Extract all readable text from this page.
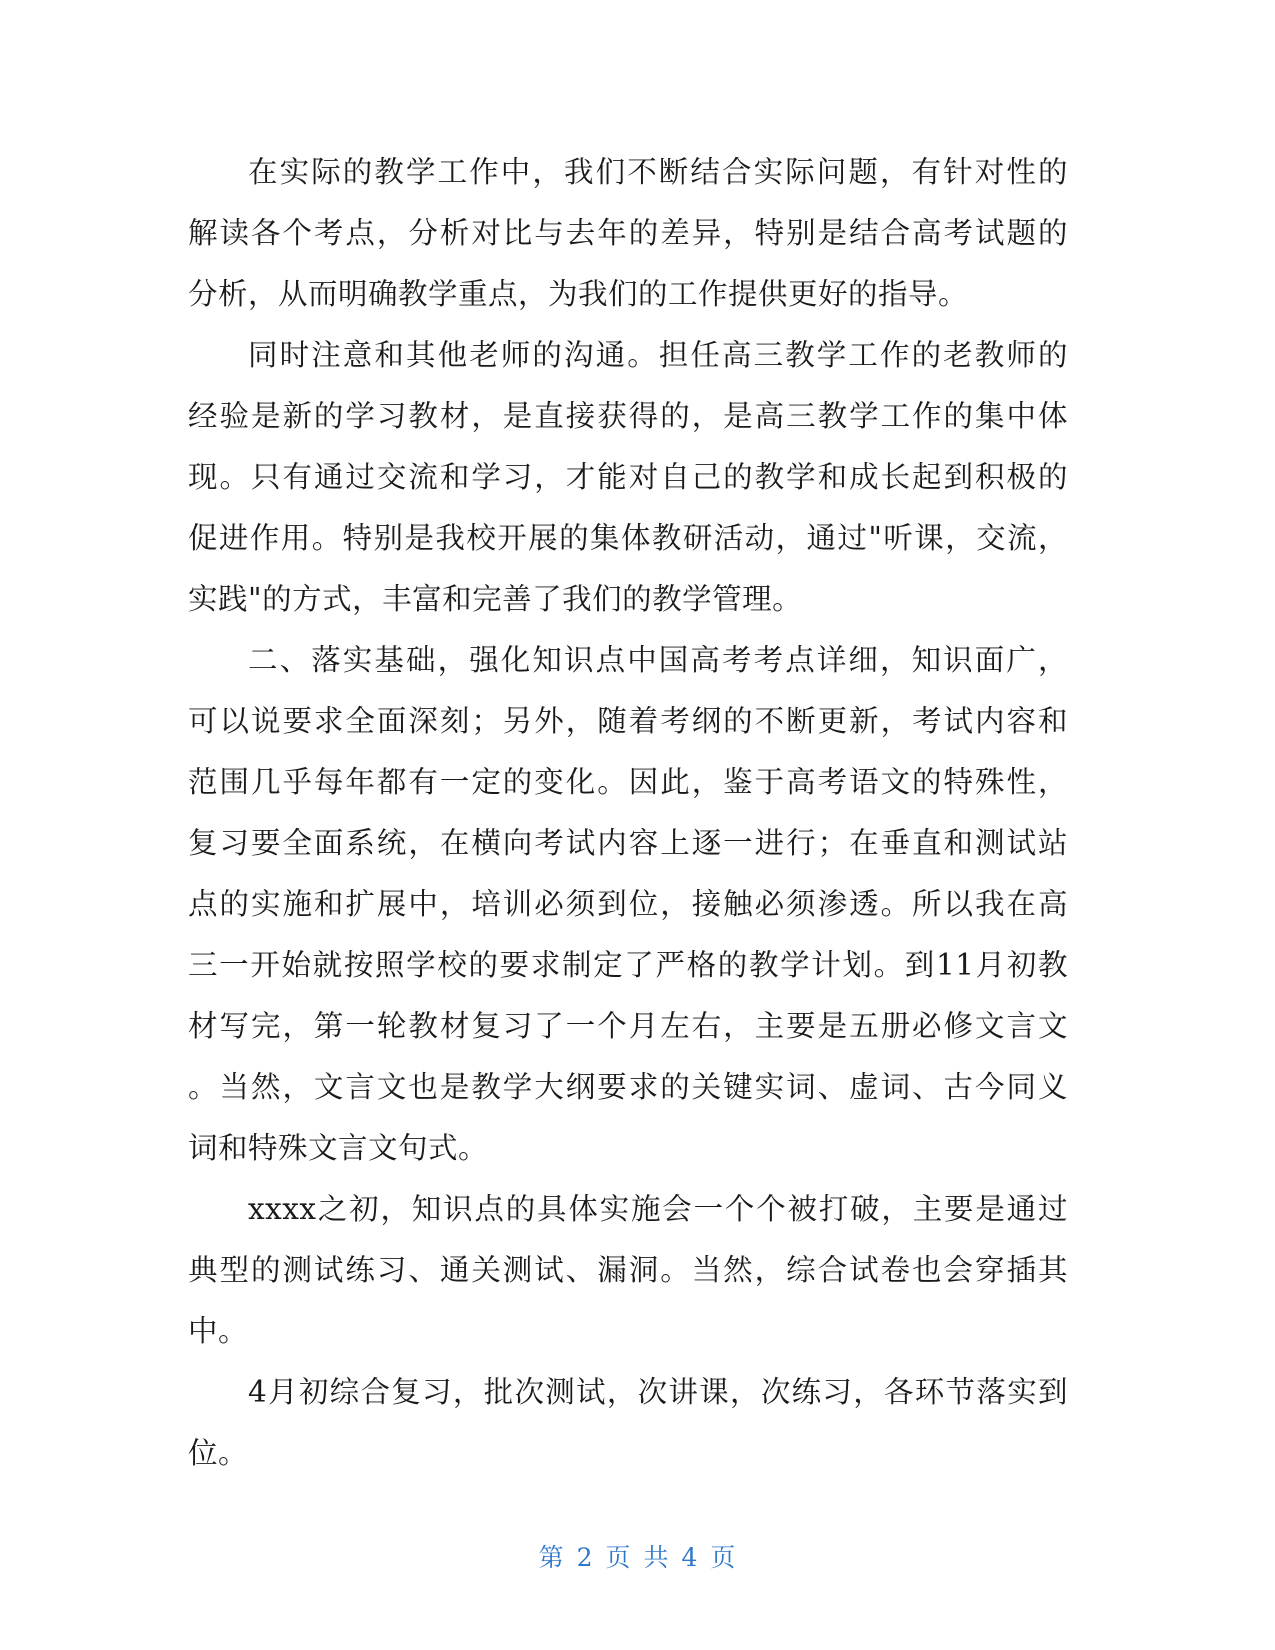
在实际的教学工作中，我们不断结合实际问题，有针对性的
解读各个考点，分析对比与去年的差异，特别是结合高考试题的
分析，从而明确教学重点，为我们的工作提供更好的指导。
同时注意和其他老师的沟通。担任高三教学工作的老教师的
经验是新的学习教材，是直接获得的，是高三教学工作的集中体
现。只有通过交流和学习，才能对自己的教学和成长起到积极的
促进作用。特别是我校开展的集体教研活动，通过"听课，交流，
实践"的方式，丰富和完善了我们的教学管理。
二、落实基础，强化知识点中国高考考点详细，知识面广，
可以说要求全面深刻；另外，随着考纲的不断更新，考试内容和
范围几乎每年都有一定的变化。因此，鉴于高考语文的特殊性，
复习要全面系统，在横向考试内容上逐一进行；在垂直和测试站
点的实施和扩展中，培训必须到位，接触必须渗透。所以我在高
三一开始就按照学校的要求制定了严格的教学计划。到11月初教
材写完，第一轮教材复习了一个月左右，主要是五册必修文言文
。当然，文言文也是教学大纲要求的关键实词、虚词、古今同义
词和特殊文言文句式。
xxxx之初，知识点的具体实施会一个个被打破，主要是通过
典型的测试练习、通关测试、漏洞。当然，综合试卷也会穿插其
中。
4月初综合复习，批次测试，次讲课，次练习，各环节落实到
位。
第 2 页 共 4 页
